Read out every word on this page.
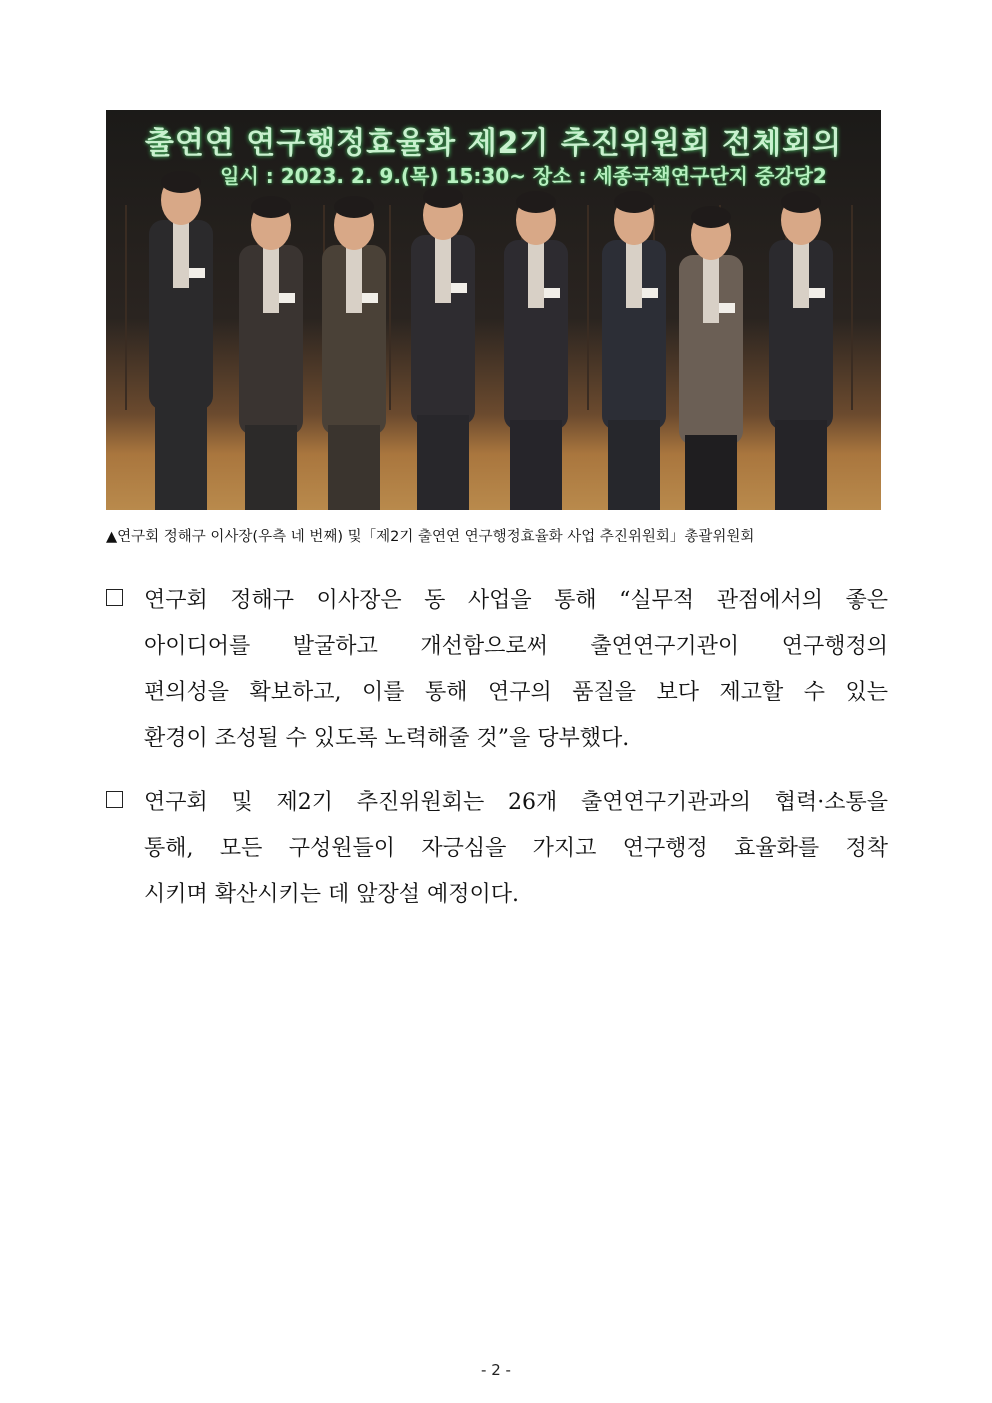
출연연 연구행정효율화 제2기 추진위원회 전체회의
일시 : 2023. 2. 9.(목) 15:30~ 장소 : 세종국책연구단지 중강당2
▲연구회 정해구 이사장(우측 네 번째) 및「제2기 출연연 연구행정효율화 사업 추진위원회」총괄위원회
연구회 정해구 이사장은 동 사업을 통해 “실무적 관점에서의 좋은
아이디어를 발굴하고 개선함으로써 출연연구기관이 연구행정의
편의성을 확보하고, 이를 통해 연구의 품질을 보다 제고할 수 있는
환경이 조성될 수 있도록 노력해줄 것”을 당부했다.
연구회 및 제2기 추진위원회는 26개 출연연구기관과의 협력·소통을
통해, 모든 구성원들이 자긍심을 가지고 연구행정 효율화를 정착
시키며 확산시키는 데 앞장설 예정이다.
- 2 -
